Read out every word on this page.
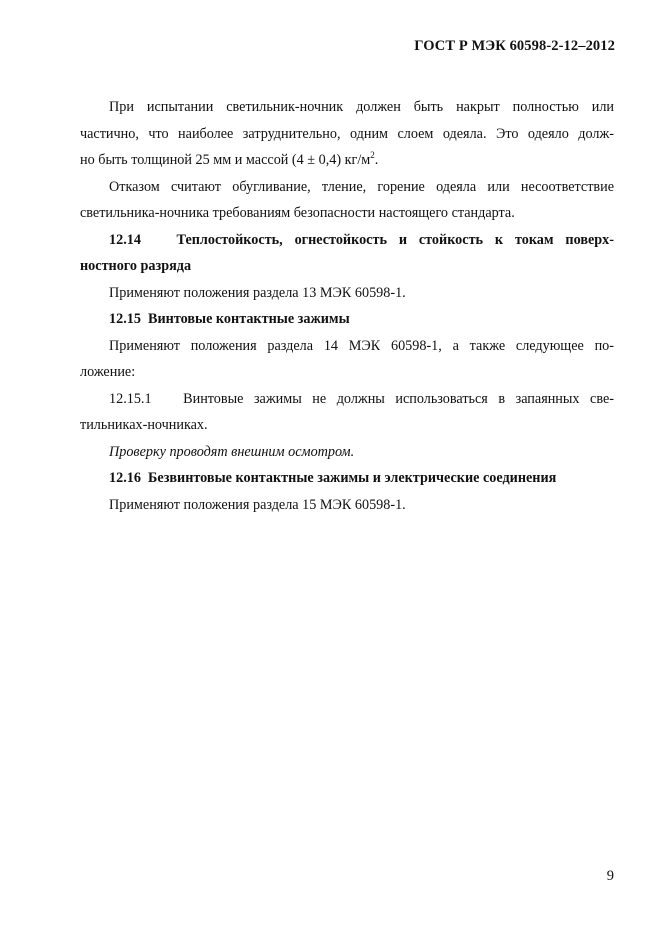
ГОСТ Р МЭК 60598-2-12–2012
При испытании светильник-ночник должен быть накрыт полностью или
частично, что наиболее затруднительно, одним слоем одеяла. Это одеяло долж-
но быть толщиной 25 мм и массой (4 ± 0,4) $кг/м^2$.
Отказом считают обугливание, тление, горение одеяла или несоответствие
светильника-ночника требованиям безопасности настоящего стандарта.
12.14   Теплостойкость, огнестойкость и стойкость к токам поверх-
ностного разряда
Применяют положения раздела 13 МЭК 60598-1.
12.15  Винтовые контактные зажимы
Применяют положения раздела 14 МЭК 60598-1, а также следующее по-
ложение:
12.15.1   Винтовые зажимы не должны использоваться в запаянных све-
тильниках-ночниках.
Проверку проводят внешним осмотром.
12.16  Безвинтовые контактные зажимы и электрические соединения
Применяют положения раздела 15 МЭК 60598-1.
9
